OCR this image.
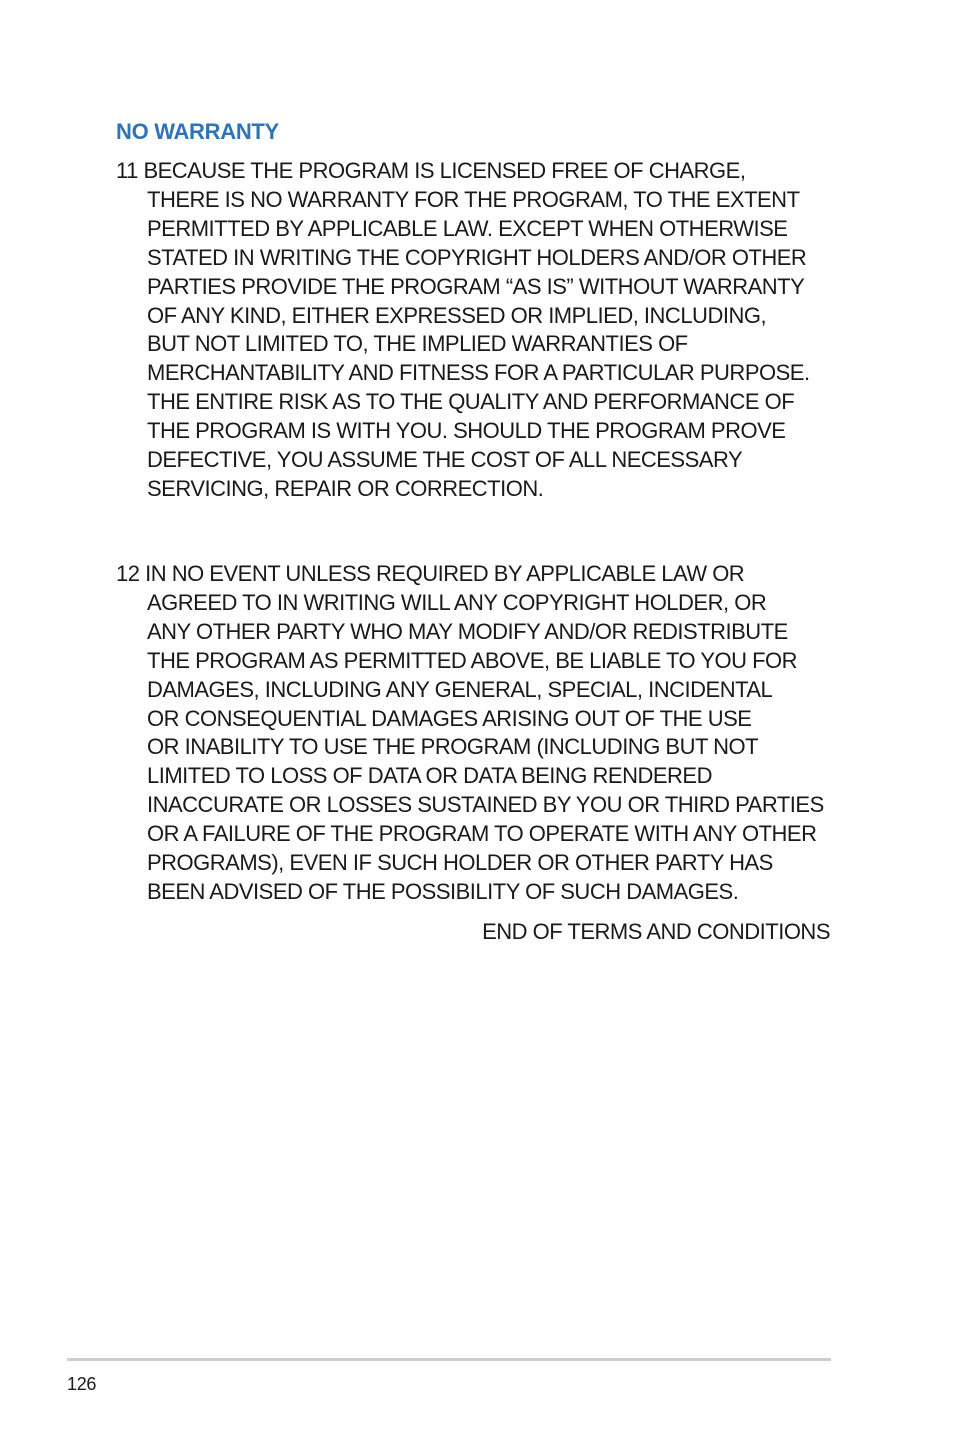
NO WARRANTY

11 BECAUSE THE PROGRAM IS LICENSED FREE OF CHARGE,
THERE IS NO WARRANTY FOR THE PROGRAM, TO THE EXTENT
PERMITTED BY APPLICABLE LAW. EXCEPT WHEN OTHERWISE
STATED IN WRITING THE COPYRIGHT HOLDERS AND/OR OTHER
PARTIES PROVIDE THE PROGRAM “AS IS” WITHOUT WARRANTY
OF ANY KIND, EITHER EXPRESSED OR IMPLIED, INCLUDING,
BUT NOT LIMITED TO, THE IMPLIED WARRANTIES OF
MERCHANTABILITY AND FITNESS FOR A PARTICULAR PURPOSE.
THE ENTIRE RISK AS TO THE QUALITY AND PERFORMANCE OF
THE PROGRAM IS WITH YOU. SHOULD THE PROGRAM PROVE
DEFECTIVE, YOU ASSUME THE COST OF ALL NECESSARY
SERVICING, REPAIR OR CORRECTION.

12 IN NO EVENT UNLESS REQUIRED BY APPLICABLE LAW OR
AGREED TO IN WRITING WILL ANY COPYRIGHT HOLDER, OR
ANY OTHER PARTY WHO MAY MODIFY AND/OR REDISTRIBUTE
THE PROGRAM AS PERMITTED ABOVE, BE LIABLE TO YOU FOR
DAMAGES, INCLUDING ANY GENERAL, SPECIAL, INCIDENTAL
OR CONSEQUENTIAL DAMAGES ARISING OUT OF THE USE
OR INABILITY TO USE THE PROGRAM (INCLUDING BUT NOT
LIMITED TO LOSS OF DATA OR DATA BEING RENDERED
INACCURATE OR LOSSES SUSTAINED BY YOU OR THIRD PARTIES
OR A FAILURE OF THE PROGRAM TO OPERATE WITH ANY OTHER
PROGRAMS), EVEN IF SUCH HOLDER OR OTHER PARTY HAS
BEEN ADVISED OF THE POSSIBILITY OF SUCH DAMAGES.

END OF TERMS AND CONDITIONS

126
